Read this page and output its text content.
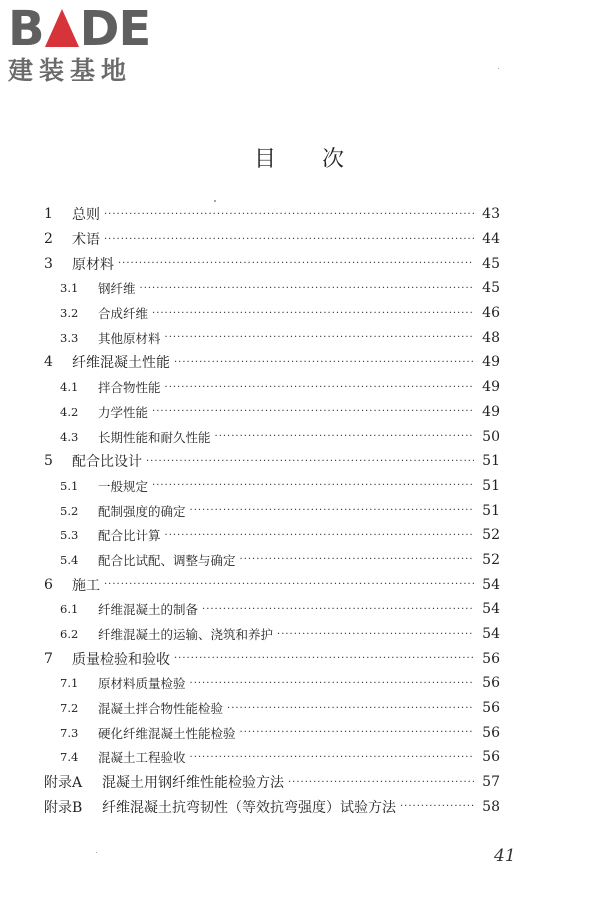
B DE
建装基地
目 次
1	总则 ·····	43
2	术语 ·····	44
3	原材料 ·····	45
3.1	钢纤维 ·····	45
3.2	合成纤维 ·····	46
3.3	其他原材料 ·····	48
4	纤维混凝土性能 ·····	49
4.1	拌合物性能 ·····	49
4.2	力学性能 ·····	49
4.3	长期性能和耐久性能 ·····	50
5	配合比设计 ·····	51
5.1	一般规定 ·····	51
5.2	配制强度的确定 ·····	51
5.3	配合比计算 ·····	52
5.4	配合比试配、调整与确定 ·····	52
6	施工 ·····	54
6.1	纤维混凝土的制备 ·····	54
6.2	纤维混凝土的运输、浇筑和养护 ·····	54
7	质量检验和验收 ·····	56
7.1	原材料质量检验 ·····	56
7.2	混凝土拌合物性能检验 ·····	56
7.3	硬化纤维混凝土性能检验 ·····	56
7.4	混凝土工程验收 ·····	56
附录A	混凝土用钢纤维性能检验方法 ·····	57
附录B	纤维混凝土抗弯韧性（等效抗弯强度）试验方法 ·····	58
41
